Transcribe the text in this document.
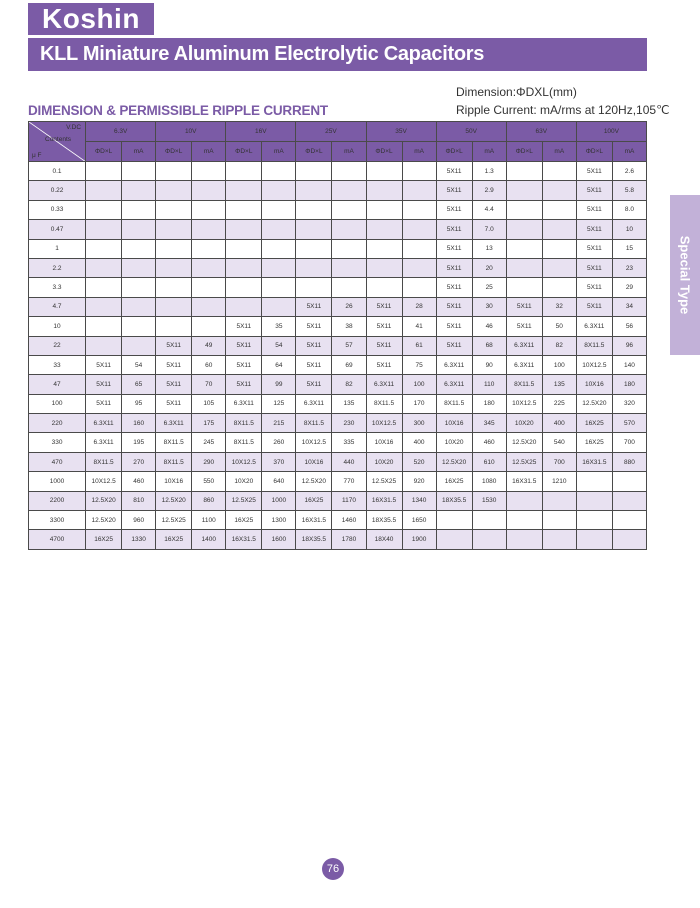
Koshin
KLL Miniature Aluminum Electrolytic Capacitors
Dimension:ΦDXL(mm)
DIMENSION & PERMISSIBLE RIPPLE CURRENT	Ripple Current: mA/rms at 120Hz,105℃
Special Type
V.DC
Contents
μ F	6.3V		10V		16V		25V		35V		50V		63V		100V	
	ΦD×L	mA	ΦD×L	mA	ΦD×L	mA	ΦD×L	mA	ΦD×L	mA	ΦD×L	mA	ΦD×L	mA	ΦD×L	mA
0.1											5X11	1.3			5X11	2.6
0.22											5X11	2.9			5X11	5.8
0.33											5X11	4.4			5X11	8.0
0.47											5X11	7.0			5X11	10
1											5X11	13			5X11	15
2.2											5X11	20			5X11	23
3.3											5X11	25			5X11	29
4.7							5X11	26	5X11	28	5X11	30	5X11	32	5X11	34
10					5X11	35	5X11	38	5X11	41	5X11	46	5X11	50	6.3X11	56
22			5X11	49	5X11	54	5X11	57	5X11	61	5X11	68	6.3X11	82	8X11.5	96
33	5X11	54	5X11	60	5X11	64	5X11	69	5X11	75	6.3X11	90	6.3X11	100	10X12.5	140
47	5X11	65	5X11	70	5X11	99	5X11	82	6.3X11	100	6.3X11	110	8X11.5	135	10X16	180
100	5X11	95	5X11	105	6.3X11	125	6.3X11	135	8X11.5	170	8X11.5	180	10X12.5	225	12.5X20	320
220	6.3X11	160	6.3X11	175	8X11.5	215	8X11.5	230	10X12.5	300	10X16	345	10X20	400	16X25	570
330	6.3X11	195	8X11.5	245	8X11.5	260	10X12.5	335	10X16	400	10X20	460	12.5X20	540	16X25	700
470	8X11.5	270	8X11.5	290	10X12.5	370	10X16	440	10X20	520	12.5X20	610	12.5X25	700	16X31.5	880
1000	10X12.5	460	10X16	550	10X20	640	12.5X20	770	12.5X25	920	16X25	1080	16X31.5	1210		
2200	12.5X20	810	12.5X20	860	12.5X25	1000	16X25	1170	16X31.5	1340	18X35.5	1530				
3300	12.5X20	960	12.5X25	1100	16X25	1300	16X31.5	1460	18X35.5	1650						
4700	16X25	1330	16X25	1400	16X31.5	1600	18X35.5	1780	18X40	1900						
76
